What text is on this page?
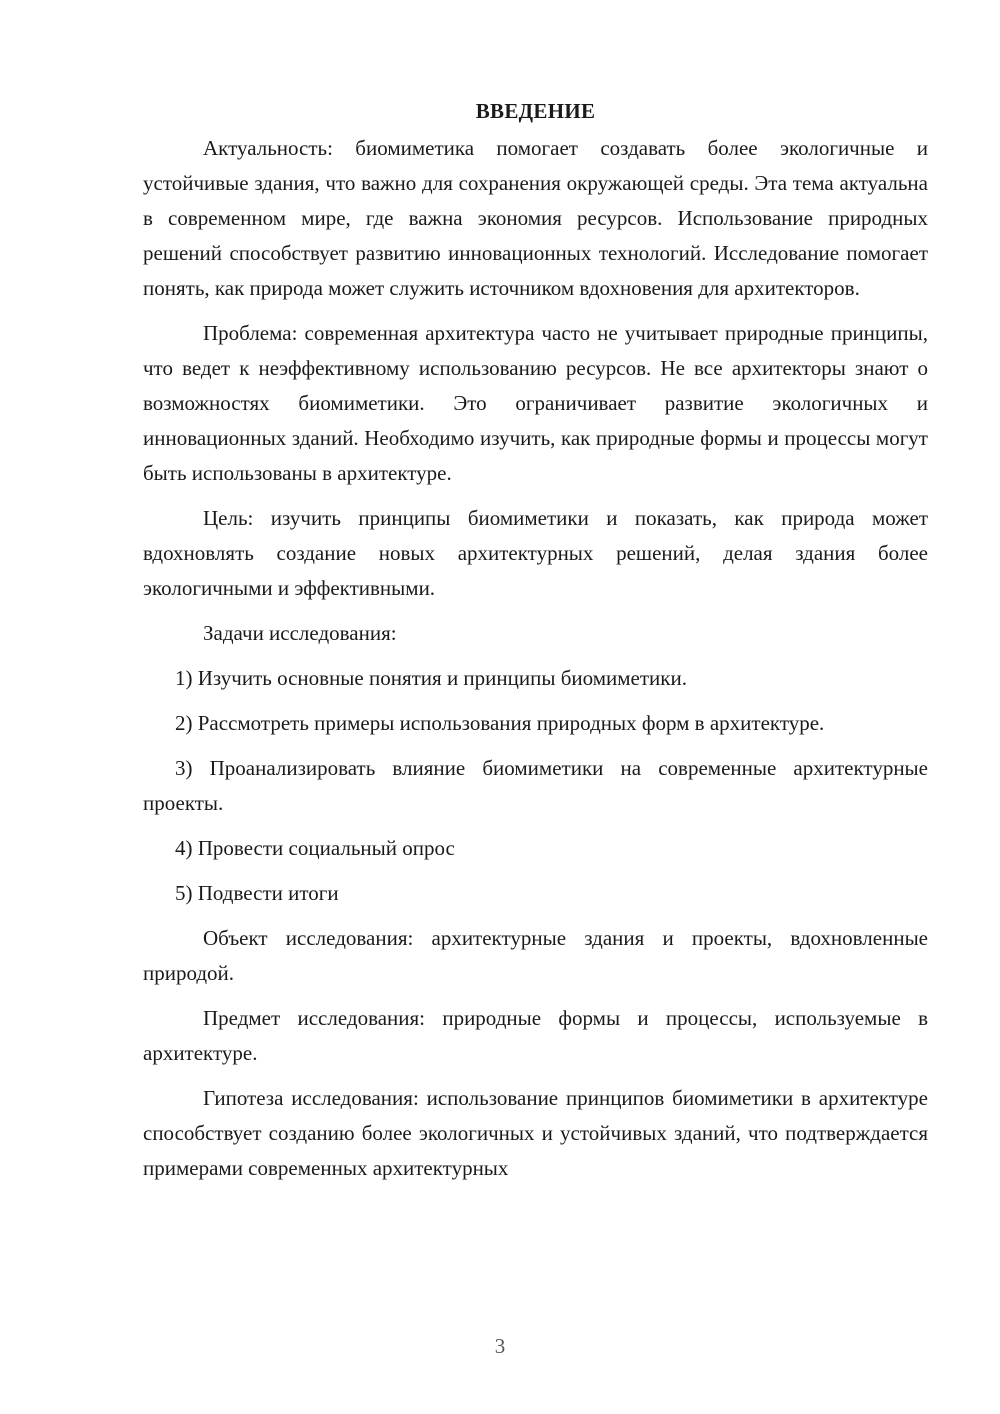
ВВЕДЕНИЕ

Актуальность: биомиметика помогает создавать более экологичные и устойчивые здания, что важно для сохранения окружающей среды. Эта тема актуальна в современном мире, где важна экономия ресурсов. Использование природных решений способствует развитию инновационных технологий. Исследование помогает понять, как природа может служить источником вдохновения для архитекторов.

Проблема: современная архитектура часто не учитывает природные принципы, что ведет к неэффективному использованию ресурсов. Не все архитекторы знают о возможностях биомиметики. Это ограничивает развитие экологичных и инновационных зданий. Необходимо изучить, как природные формы и процессы могут быть использованы в архитектуре.

Цель: изучить принципы биомиметики и показать, как природа может вдохновлять создание новых архитектурных решений, делая здания более экологичными и эффективными.

Задачи исследования:

1) Изучить основные понятия и принципы биомиметики.

2) Рассмотреть примеры использования природных форм в архитектуре.

3) Проанализировать влияние биомиметики на современные архитектурные проекты.

4) Провести социальный опрос

5) Подвести итоги

Объект исследования: архитектурные здания и проекты, вдохновленные природой.

Предмет исследования: природные формы и процессы, используемые в архитектуре.

Гипотеза исследования: использование принципов биомиметики в архитектуре способствует созданию более экологичных и устойчивых зданий, что подтверждается примерами современных архитектурных

3
